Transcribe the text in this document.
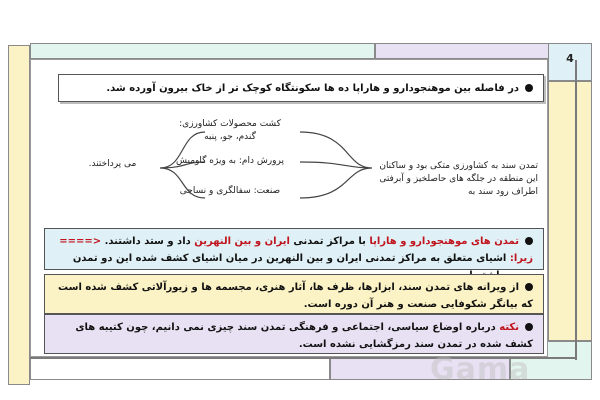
4
در فاصله بین موهنجودارو و هاراپا ده ها سکونتگاه کوچک تر از خاک بیرون آورده شد.
تمدن سند به کشاورزی متکی بود و ساکنان این منطقه در جلگه های حاصلخیز و آبرفتی اطراف رود سند به
کشت محصولات کشاورزی: گندم، جو، پنبه
پرورش دام: به ویژه گاومیش
صنعت: سفالگری و نساجی
می پرداختند.
تمدن های موهنجودارو و هاراپا با مراکز تمدنی ایران و بین النهرین داد و ستد داشتند. <==== زیرا: اشیای متعلق به مراکز تمدنی ایران و بین النهرین در میان اشیای کشف شده این دو تمدن
از ویرانه های تمدن سند، ابزارها، ظرف ها، آثار هنری، مجسمه ها و زیورآلاتی کشف شده است که بیانگر شکوفایی صنعت و هنر آن دوره است.
نکته درباره اوضاع سیاسی، اجتماعی و فرهنگی تمدن سند چیزی نمی دانیم، چون کتیبه های کشف شده در تمدن سند رمزگشایی نشده است.
Gama
